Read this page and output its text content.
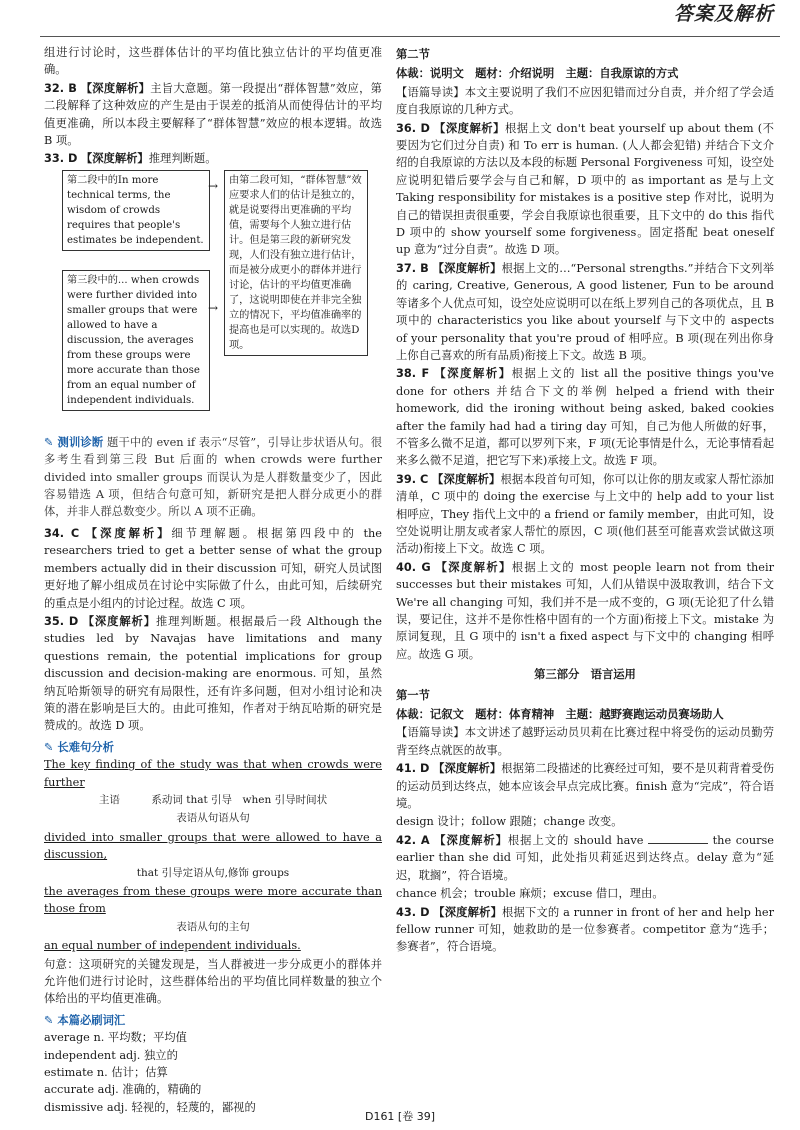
答案及解析

组进行讨论时，这些群体估计的平均值比独立估计的平均值更准确。

32. B 【深度解析】主旨大意题。第一段提出“群体智慧”效应，第二段解释了这种效应的产生是由于误差的抵消从而使得估计的平均值更准确，所以本段主要解释了“群体智慧”效应的根本逻辑。故选 B 项。

33. D 【深度解析】推理判断题。

第二段中的In more technical terms, the wisdom of crowds requires that people's estimates be independent.
第三段中的... when crowds were further divided into smaller groups that were allowed to have a discussion, the averages from these groups were more accurate than those from an equal number of independent individuals.
→
→
由第二段可知，“群体智慧”效应要求人们的估计是独立的，就是说要得出更准确的平均值，需要每个人独立进行估计。但是第三段的新研究发现，人们没有独立进行估计，而是被分成更小的群体并进行讨论，估计的平均值更准确了，这说明即使在并非完全独立的情况下，平均值准确率的提高也是可以实现的。故选D项。

✎ 测训诊断 题干中的 even if 表示“尽管”，引导让步状语从句。很多考生看到第三段 But 后面的 when crowds were further divided into smaller groups 而误认为是人群数量变少了，因此容易错选 A 项，但结合句意可知，新研究是把人群分成更小的群体，并非人群总数变少。所以 A 项不正确。

34. C 【深度解析】细节理解题。根据第四段中的 the researchers tried to get a better sense of what the group members actually did in their discussion 可知，研究人员试图更好地了解小组成员在讨论中实际做了什么，由此可知，后续研究的重点是小组内的讨论过程。故选 C 项。

35. D 【深度解析】推理判断题。根据最后一段 Although the studies led by Navajas have limitations and many questions remain, the potential implications for group discussion and decision-making are enormous. 可知，虽然纳瓦哈斯领导的研究有局限性，还有许多问题，但对小组讨论和决策的潜在影响是巨大的。由此可推知，作者对于纳瓦哈斯的研究是赞成的。故选 D 项。

✎ 长难句分析

The key finding of the study was that when crowds were further

主语　　　系动词 that 引导　when 引导时间状

表语从句语从句

divided into smaller groups that were allowed to have a discussion,

that 引导定语从句,修饰 groups

the averages from these groups were more accurate than those from

表语从句的主句

an equal number of independent individuals.

句意：这项研究的关键发现是，当人群被进一步分成更小的群体并允许他们进行讨论时，这些群体给出的平均值比同样数量的独立个体给出的平均值更准确。

✎ 本篇必刷词汇

average n. 平均数；平均值

independent adj. 独立的

estimate n. 估计；估算

accurate adj. 准确的，精确的

dismissive adj. 轻视的，轻蔑的，鄙视的

第二节

体裁：说明文　题材：介绍说明　主题：自我原谅的方式

【语篇导读】本文主要说明了我们不应因犯错而过分自责，并介绍了学会适度自我原谅的几种方式。

36. D 【深度解析】根据上文 don't beat yourself up about them (不要因为它们过分自责) 和 To err is human. (人人都会犯错) 并结合下文介绍的自我原谅的方法以及本段的标题 Personal Forgiveness 可知，设空处应说明犯错后要学会与自己和解，D 项中的 as important as 是与上文 Taking responsibility for mistakes is a positive step 作对比，说明为自己的错误担责很重要，学会自我原谅也很重要，且下文中的 do this 指代 D 项中的 show yourself some forgiveness。固定搭配 beat oneself up 意为“过分自责”。故选 D 项。

37. B 【深度解析】根据上文的…“Personal strengths.”并结合下文列举的 caring, Creative, Generous, A good listener, Fun to be around 等诸多个人优点可知，设空处应说明可以在纸上罗列自己的各项优点，且 B 项中的 characteristics you like about yourself 与下文中的 aspects of your personality that you're proud of 相呼应。B 项(现在列出你身上你自己喜欢的所有品质)衔接上下文。故选 B 项。

38. F 【深度解析】根据上文的 list all the positive things you've done for others 并结合下文的举例 helped a friend with their homework, did the ironing without being asked, baked cookies after the family had had a tiring day 可知，自己为他人所做的好事，不管多么微不足道，都可以罗列下来，F 项(无论事情是什么，无论事情看起来多么微不足道，把它写下来)承接上文。故选 F 项。

39. C 【深度解析】根据本段首句可知，你可以让你的朋友或家人帮忙添加清单，C 项中的 doing the exercise 与上文中的 help add to your list 相呼应，They 指代上文中的 a friend or family member，由此可知，设空处说明让朋友或者家人帮忙的原因，C 项(他们甚至可能喜欢尝试做这项活动)衔接上下文。故选 C 项。

40. G 【深度解析】根据上文的 most people learn not from their successes but their mistakes 可知，人们从错误中汲取教训，结合下文 We're all changing 可知，我们并不是一成不变的，G 项(无论犯了什么错误，要记住，这并不是你性格中固有的一个方面)衔接上下文。mistake 为原词复现，且 G 项中的 isn't a fixed aspect 与下文中的 changing 相呼应。故选 G 项。

第三部分　语言运用

第一节

体裁：记叙文　题材：体育精神　主题：越野赛跑运动员赛场助人

【语篇导读】本文讲述了越野运动员贝莉在比赛过程中将受伤的运动员勤劳背至终点就医的故事。

41. D 【深度解析】根据第二段描述的比赛经过可知，要不是贝莉背着受伤的运动员到达终点，她本应该会早点完成比赛。finish 意为“完成”，符合语境。

design 设计；follow 跟随；change 改变。

42. A 【深度解析】根据上文的 should have	the course earlier than she did 可知，此处指贝莉延迟到达终点。delay 意为“延迟，耽搁”，符合语境。

chance 机会；trouble 麻烦；excuse 借口，理由。

43. D 【深度解析】根据下文的 a runner in front of her and help her fellow runner 可知，她救助的是一位参赛者。competitor 意为“选手；参赛者”，符合语境。

D161 [卷 39]
